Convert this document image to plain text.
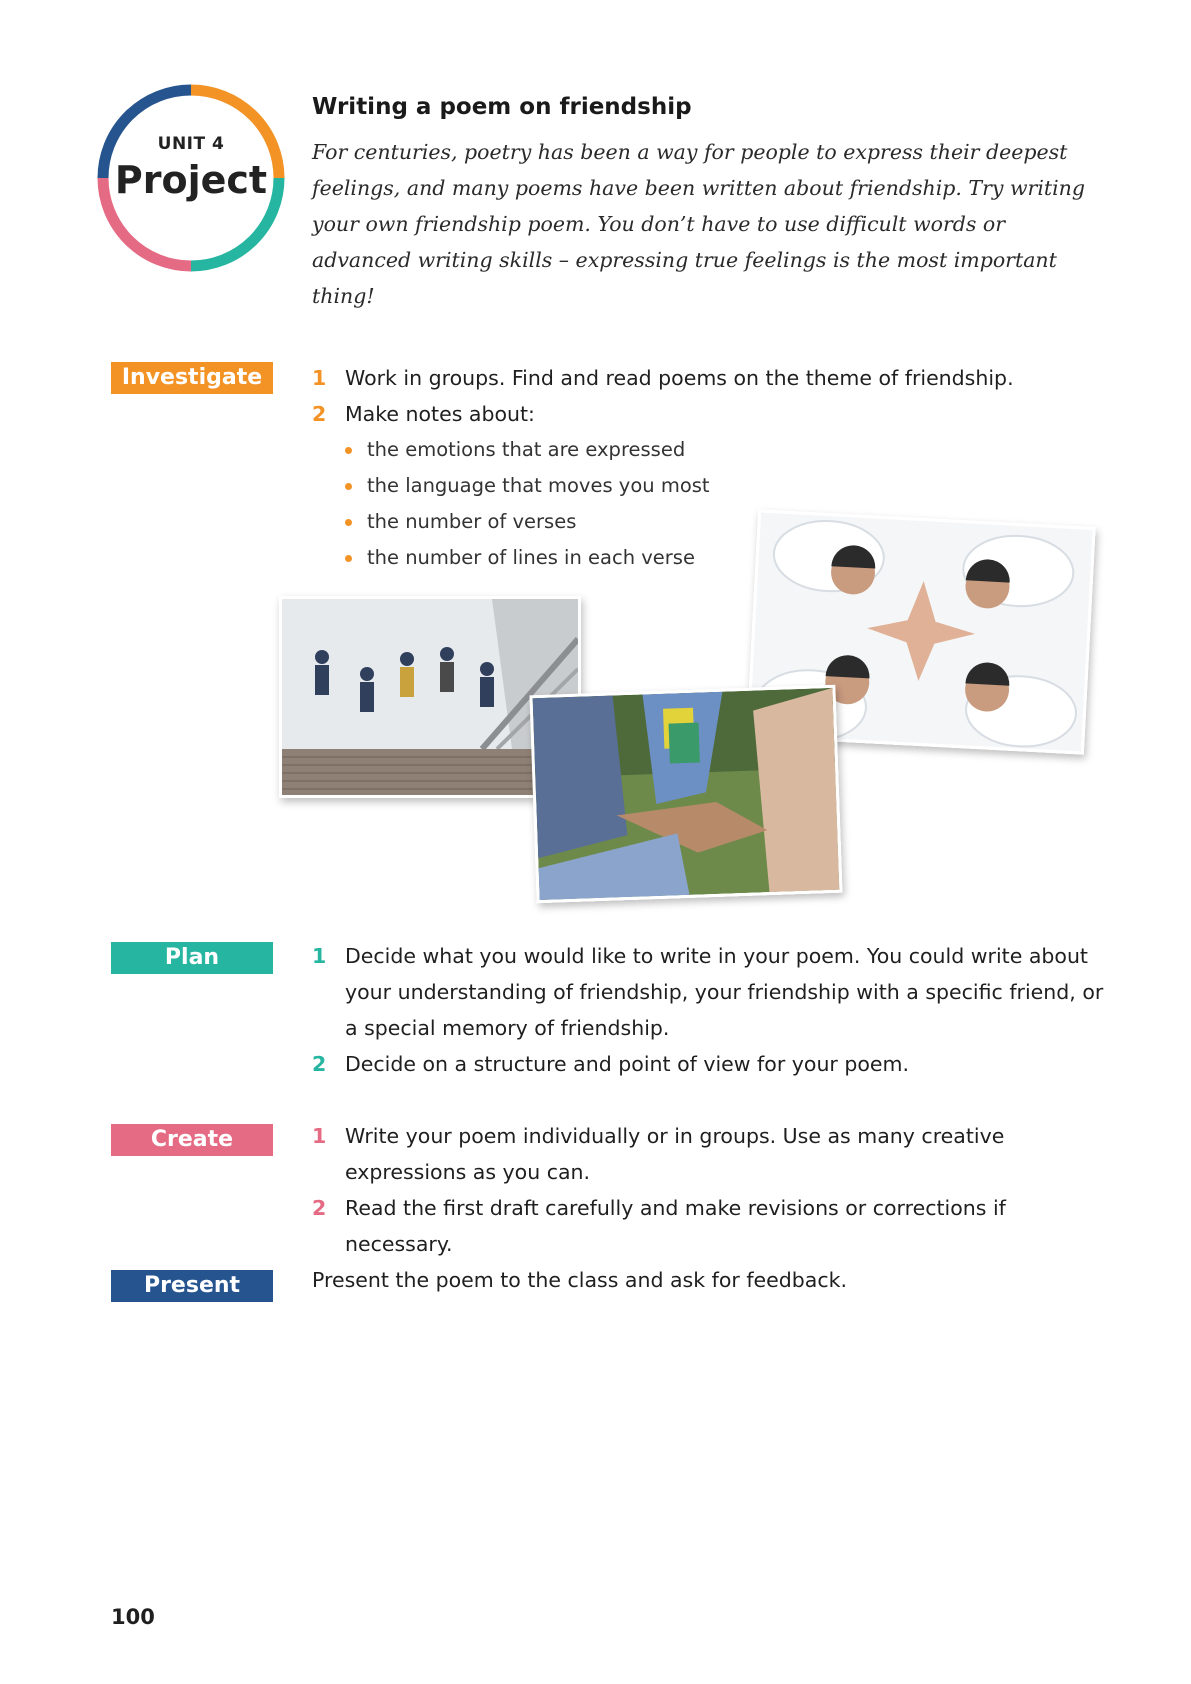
UNIT 4
Project
Writing a poem on friendship

For centuries, poetry has been a way for people to express their deepest feelings, and many poems have been written about friendship. Try writing your own friendship poem. You don’t have to use difficult words or advanced writing skills – expressing true feelings is the most important thing!

Investigate	1 Work in groups. Find and read poems on the theme of friendship.
2 Make notes about:
the emotions that are expressed
the language that moves you most
the number of verses
the number of lines in each verse
Plan	1 Decide what you would like to write in your poem. You could write about your understanding of friendship, your friendship with a specific friend, or a special memory of friendship.
2 Decide on a structure and point of view for your poem.
Create	1 Write your poem individually or in groups. Use as many creative expressions as you can.
2 Read the first draft carefully and make revisions or corrections if necessary.
Present	Present the poem to the class and ask for feedback.
100
